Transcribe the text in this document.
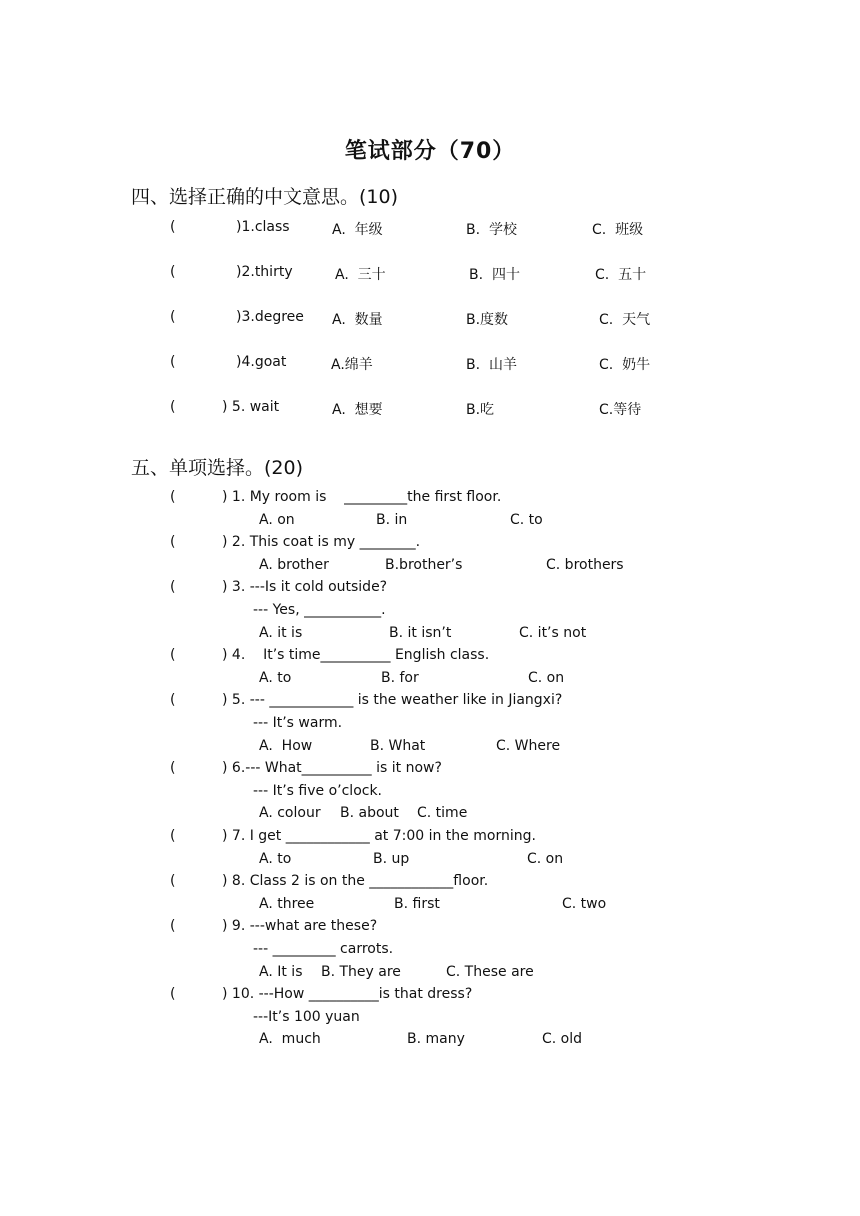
笔试部分（70）
四、选择正确的中文意思。(10)
(	)1.class	A.  年级	B.  学校	C.  班级
(	)2.thirty	A.  三十	B.  四十	C.  五十
(	)3.degree A.  数量	B.度数	C.  天气
(	)4.goat	A.绵羊	B.  山羊	C.  奶牛
(	) 5. wait	A.  想要	B.吃	C.等待
五、单项选择。(20)
(	) 1. My room is    _________the first floor.
A. on	B. in	C. to
(	) 2. This coat is my ________.
A. brother	B.brother’s	C. brothers
(	) 3. ---Is it cold outside?
--- Yes, ___________.
A. it is	B. it isn’t	C. it’s not
(	) 4.    It’s time__________ English class.
A. to	B. for	C. on
(	) 5. --- ____________ is the weather like in Jiangxi?
--- It’s warm.
A.  How	B. What	C. Where
(	) 6.--- What__________ is it now?
--- It’s five o’clock.
A. colour B. about C. time
(	) 7. I get ____________ at 7:00 in the morning.
A. to	B. up	C. on
(	) 8. Class 2 is on the ____________floor.
A. three	B. first	C. two
(	) 9. ---what are these?
--- _________ carrots.
A. It is B. They are	C. These are
(	) 10. ---How __________is that dress?
---It’s 100 yuan
A.  much	B. many	C. old
